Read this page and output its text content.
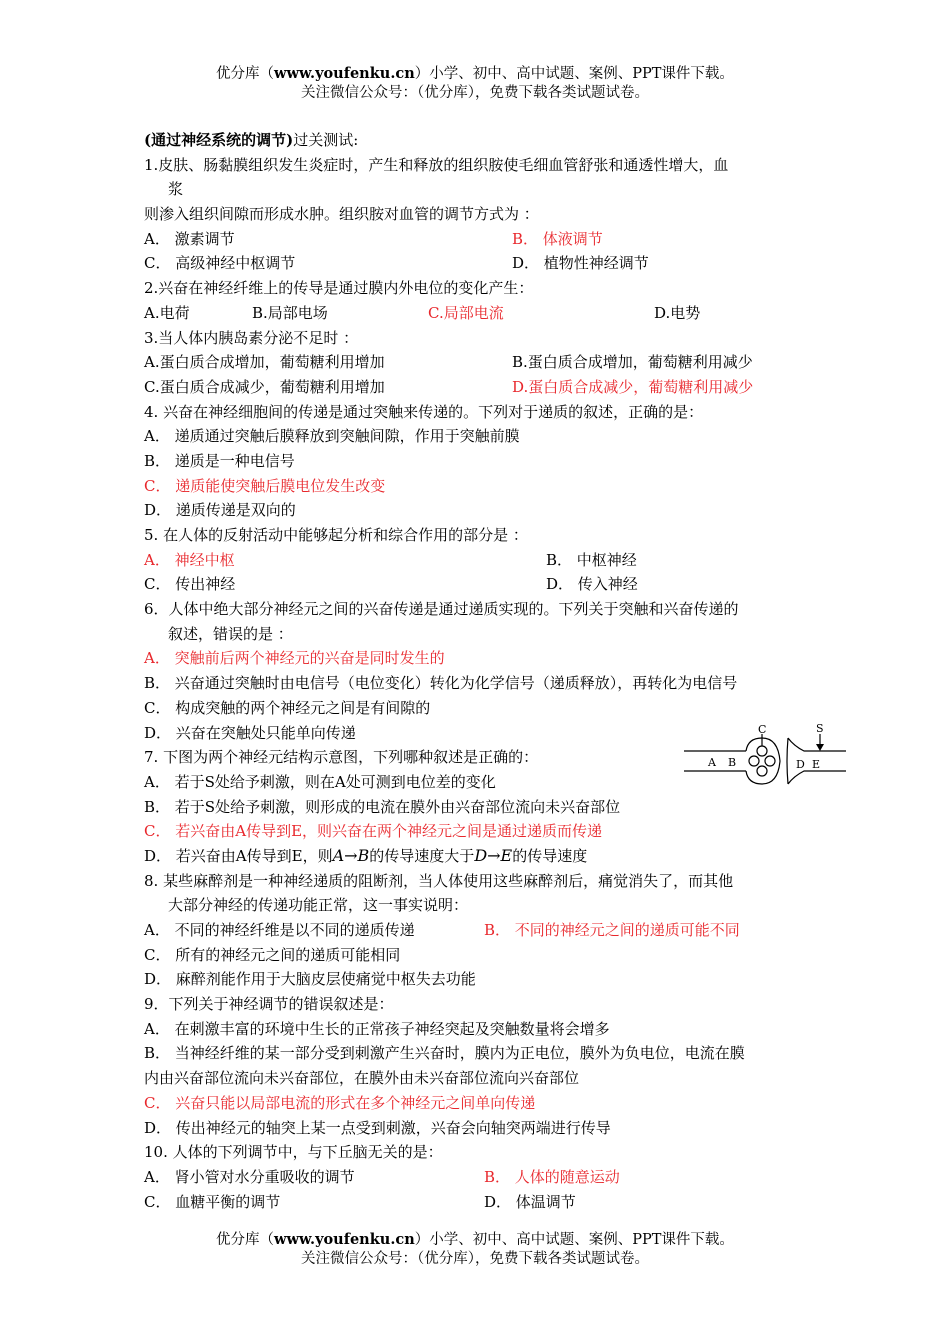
优分库（www.youfenku.cn）小学、初中、高中试题、案例、PPT课件下载。
关注微信公众号：（优分库），免费下载各类试题试卷。
(通过神经系统的调节)过关测试:
1.皮肤、肠黏膜组织发生炎症时，产生和释放的组织胺使毛细血管舒张和通透性增大，血
浆
则渗入组织间隙而形成水肿。组织胺对血管的调节方式为 ：
A． 激素调节	B． 体液调节
C． 高级神经中枢调节	D． 植物性神经调节
2.兴奋在神经纤维上的传导是通过膜内外电位的变化产生：
A.电荷	B.局部电场	C.局部电流	D.电势
3.当人体内胰岛素分泌不足时 ：
A.蛋白质合成增加，葡萄糖利用增加	B.蛋白质合成增加，葡萄糖利用减少
C.蛋白质合成减少，葡萄糖利用增加	D.蛋白质合成减少，葡萄糖利用减少
4. 兴奋在神经细胞间的传递是通过突触来传递的。下列对于递质的叙述，正确的是：
A． 递质通过突触后膜释放到突触间隙，作用于突触前膜
B． 递质是一种电信号
C． 递质能使突触后膜电位发生改变
D． 递质传递是双向的
5. 在人体的反射活动中能够起分析和综合作用的部分是 ：
A． 神经中枢	B． 中枢神经
C． 传出神经	D． 传入神经
6．人体中绝大部分神经元之间的兴奋传递是通过递质实现的。下列关于突触和兴奋传递的
叙述，错误的是 ：
A． 突触前后两个神经元的兴奋是同时发生的
B． 兴奋通过突触时由电信号（电位变化）转化为化学信号（递质释放），再转化为电信号
C． 构成突触的两个神经元之间是有间隙的
D． 兴奋在突触处只能单向传递
7. 下图为两个神经元结构示意图，下列哪种叙述是正确的：
A． 若于S处给予刺激，则在A处可测到电位差的变化
B． 若于S处给予刺激，则形成的电流在膜外由兴奋部位流向未兴奋部位
C． 若兴奋由A传导到E，则兴奋在两个神经元之间是通过递质而传递
D． 若兴奋由A传导到E，则A→B的传导速度大于D→E的传导速度
8. 某些麻醉剂是一种神经递质的阻断剂，当人体使用这些麻醉剂后，痛觉消失了，而其他
大部分神经的传递功能正常，这一事实说明：
A． 不同的神经纤维是以不同的递质传递	B． 不同的神经元之间的递质可能不同
C． 所有的神经元之间的递质可能相同
D． 麻醉剂能作用于大脑皮层使痛觉中枢失去功能
9．下列关于神经调节的错误叙述是：
A． 在刺激丰富的环境中生长的正常孩子神经突起及突触数量将会增多
B． 当神经纤维的某一部分受到刺激产生兴奋时，膜内为正电位，膜外为负电位，电流在膜
内由兴奋部位流向未兴奋部位，在膜外由未兴奋部位流向兴奋部位
C． 兴奋只能以局部电流的形式在多个神经元之间单向传递
D． 传出神经元的轴突上某一点受到刺激，兴奋会向轴突两端进行传导
10. 人体的下列调节中，与下丘脑无关的是：
A． 肾小管对水分重吸收的调节	B． 人体的随意运动
C． 血糖平衡的调节	D． 体温调节
A B
C
D E
S
优分库（www.youfenku.cn）小学、初中、高中试题、案例、PPT课件下载。
关注微信公众号：（优分库），免费下载各类试题试卷。
